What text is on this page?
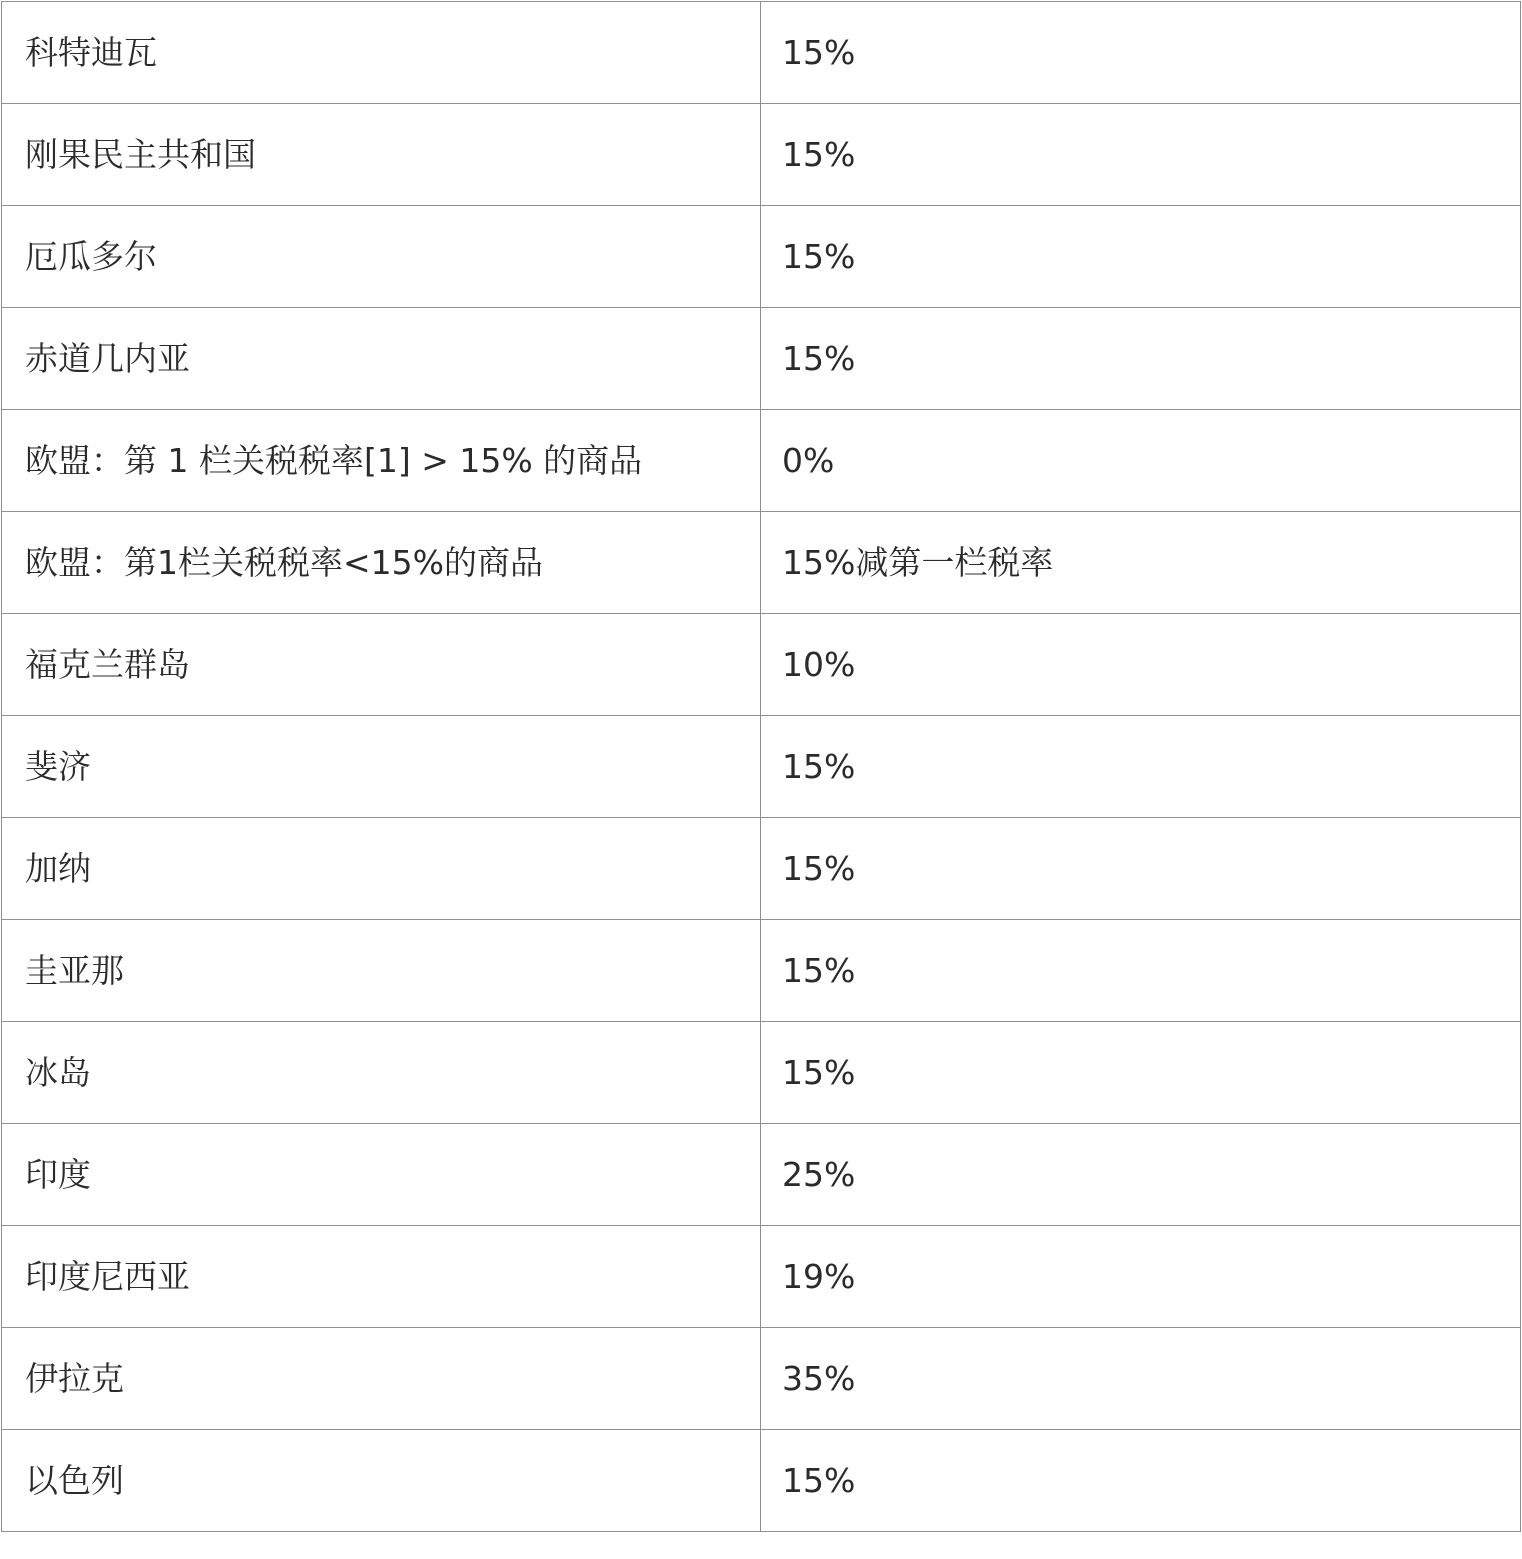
科特迪瓦	15%
刚果民主共和国	15%
厄瓜多尔	15%
赤道几内亚	15%
欧盟：第 1 栏关税税率[1] > 15% 的商品	0%
欧盟：第1栏关税税率<15%的商品	15%减第一栏税率
福克兰群岛	10%
斐济	15%
加纳	15%
圭亚那	15%
冰岛	15%
印度	25%
印度尼西亚	19%
伊拉克	35%
以色列	15%
